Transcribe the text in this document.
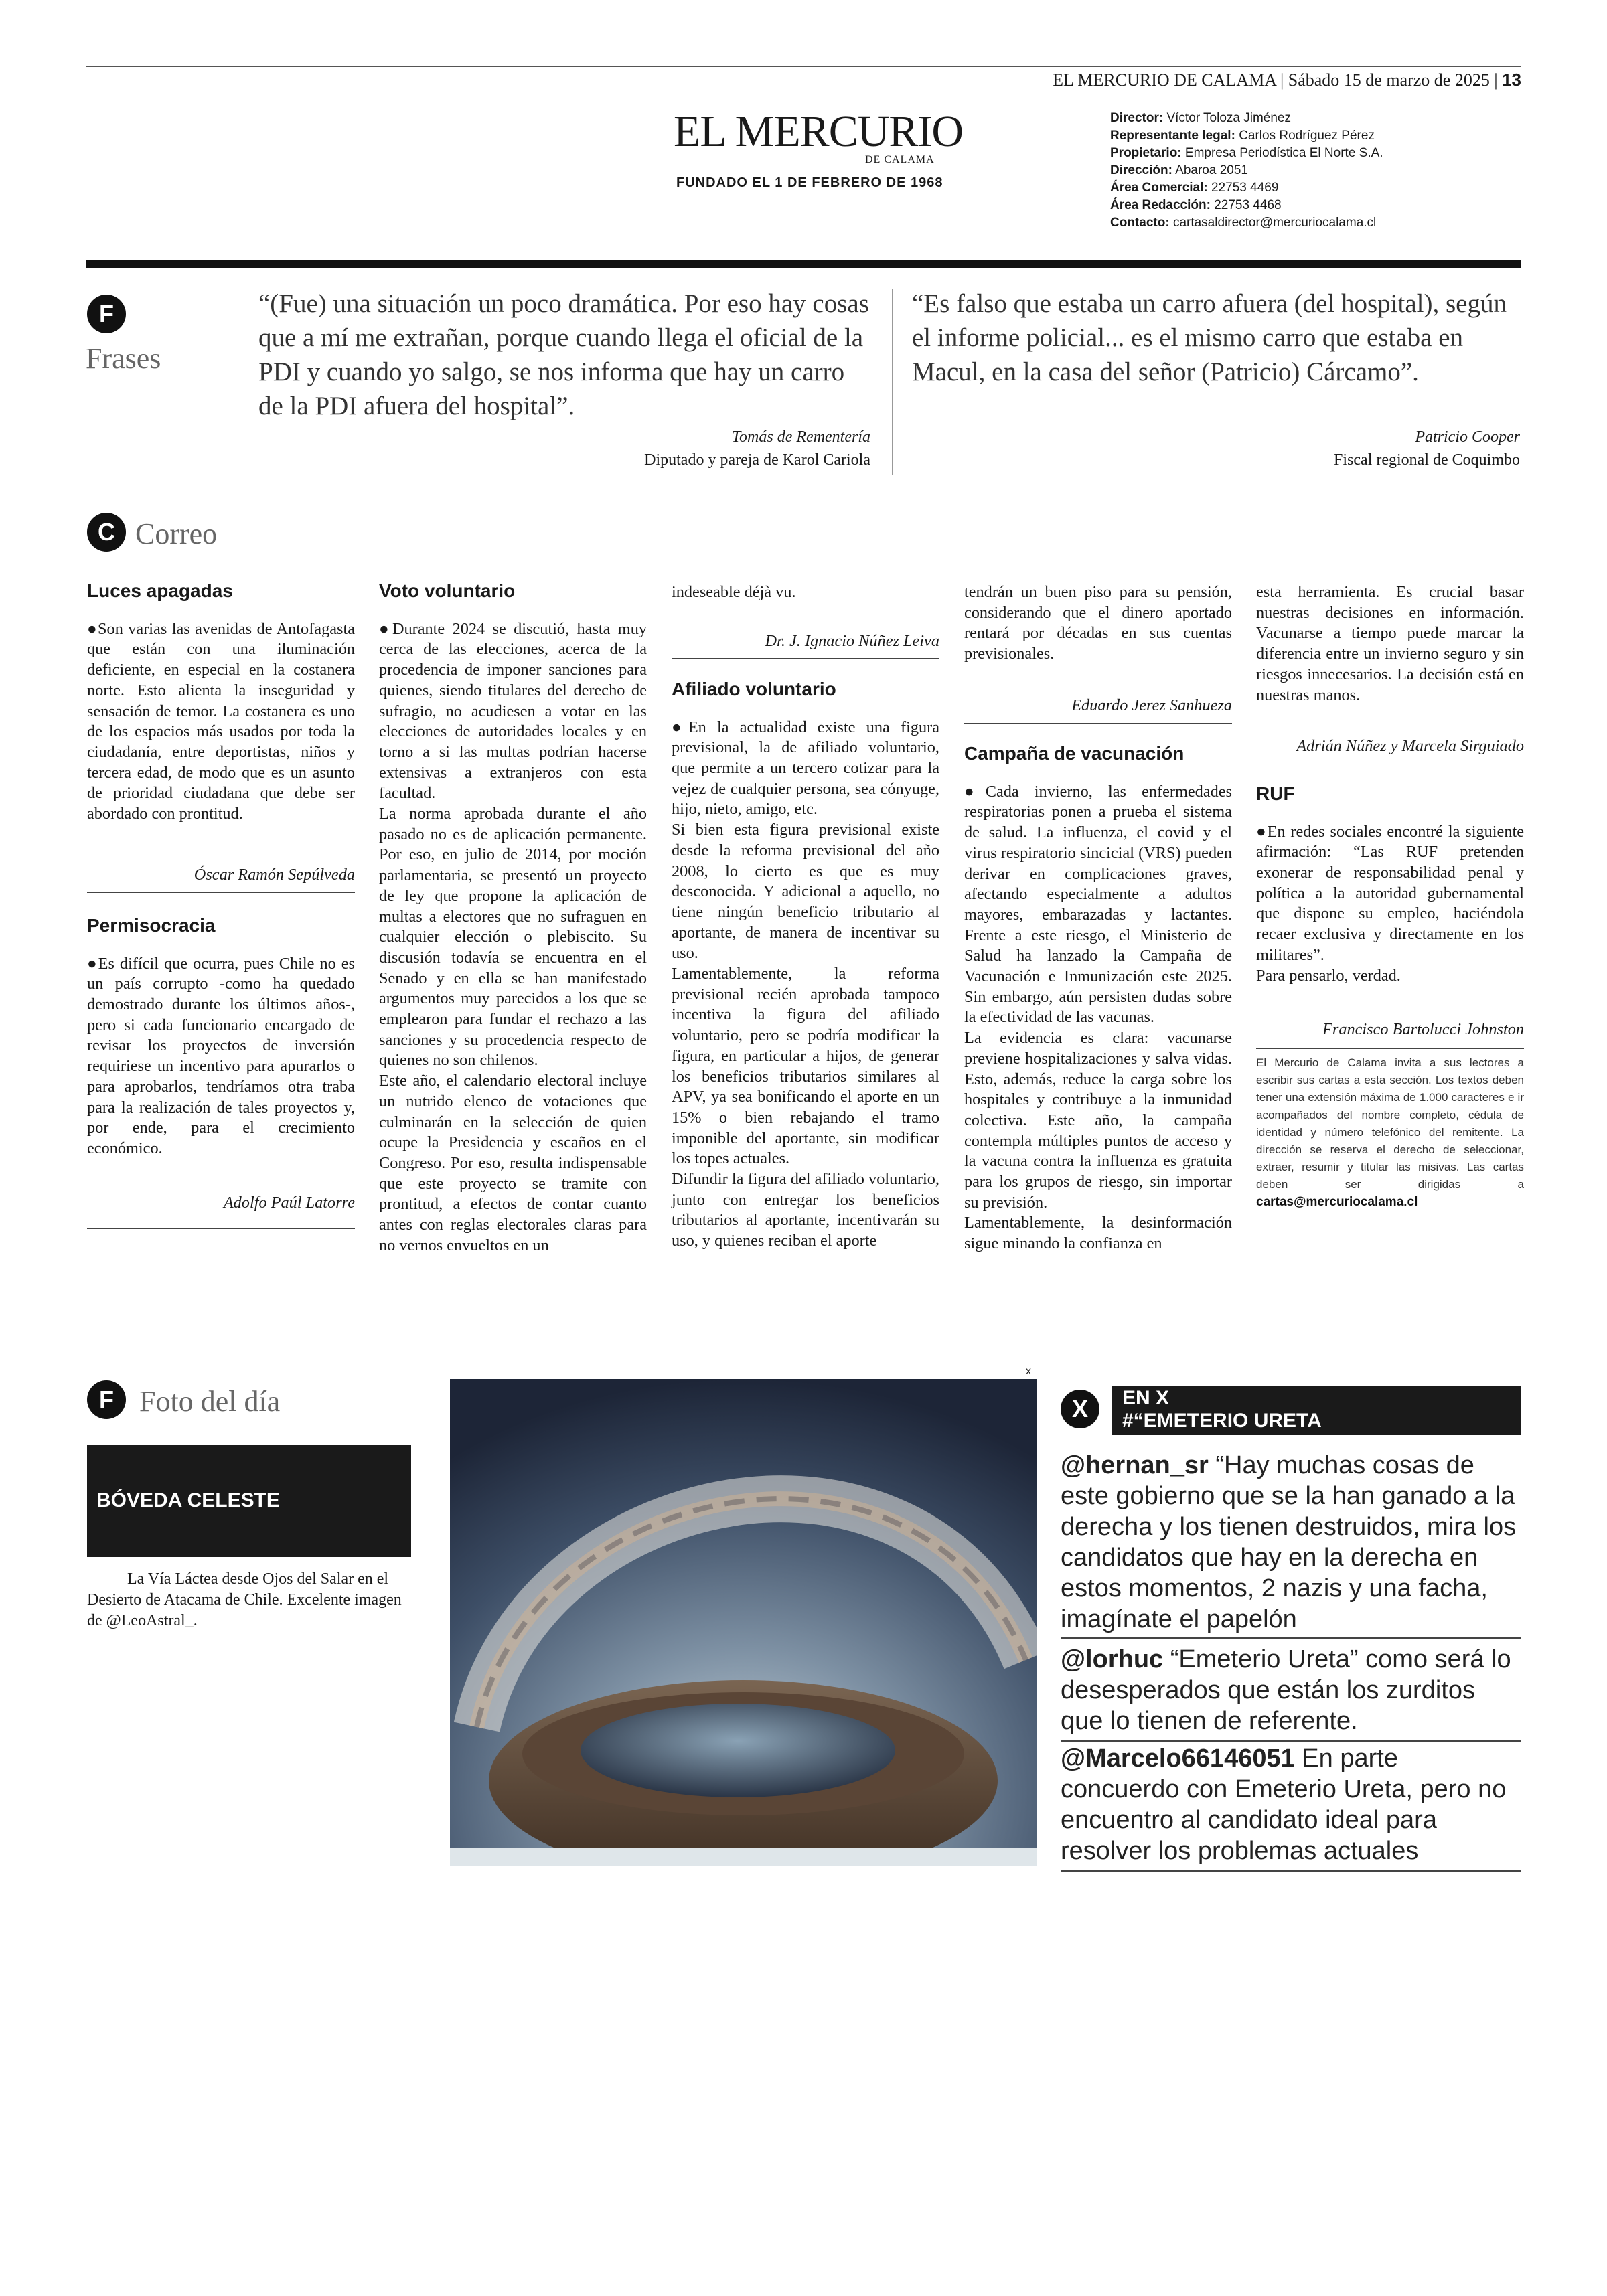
EL MERCURIO DE CALAMA | Sábado 15 de marzo de 2025 | 13
EL MERCURIO
DE CALAMA
FUNDADO EL 1 DE FEBRERO DE 1968
Director: Víctor Toloza Jiménez
Representante legal: Carlos Rodríguez Pérez
Propietario: Empresa Periodística El Norte S.A.
Dirección: Abaroa 2051
Área Comercial: 22753 4469
Área Redacción: 22753 4468
Contacto: cartasaldirector@mercuriocalama.cl
F
Frases
“(Fue) una situación un poco dramática. Por eso hay cosas que a mí me extrañan, porque cuando llega el oficial de la PDI y cuando yo salgo, se nos informa que hay un carro de la PDI afuera del hospital”.
Tomás de Rementería
Diputado y pareja de Karol Cariola
“Es falso que estaba un carro afuera (del hospital), según el informe policial... es el mismo carro que estaba en Macul, en la casa del señor (Patricio) Cárcamo”.
Patricio Cooper
Fiscal regional de Coquimbo
C Correo
Luces apagadas

●Son varias las avenidas de Antofagasta que están con una iluminación deficiente, en especial en la costanera norte. Esto alienta la inseguridad y sensación de temor. La costanera es uno de los espacios más usados por toda la ciudadanía, entre deportistas, niños y tercera edad, de modo que es un asunto de prioridad ciudadana que debe ser abordado con prontitud.

Óscar Ramón Sepúlveda

Permisocracia

●Es difícil que ocurra, pues Chile no es un país corrupto -como ha quedado demostrado durante los últimos años-, pero si cada funcionario encargado de revisar los proyectos de inversión requiriese un incentivo para apurarlos o para aprobarlos, tendríamos otra traba para la realización de tales proyectos y, por ende, para el crecimiento económico.

Adolfo Paúl Latorre

Voto voluntario

●Durante 2024 se discutió, hasta muy cerca de las elecciones, acerca de la procedencia de imponer sanciones para quienes, siendo titulares del derecho de sufragio, no acudiesen a votar en las elecciones de autoridades locales y en torno a si las multas podrían hacerse extensivas a extranjeros con esta facultad.

La norma aprobada durante el año pasado no es de aplicación permanente. Por eso, en julio de 2014, por moción parlamentaria, se presentó un proyecto de ley que propone la aplicación de multas a electores que no sufraguen en cualquier elección o plebiscito. Su discusión todavía se encuentra en el Senado y en ella se han manifestado argumentos muy parecidos a los que se emplearon para fundar el rechazo a las sanciones y su procedencia respecto de quienes no son chilenos.

Este año, el calendario electoral incluye un nutrido elenco de votaciones que culminarán en la selección de quien ocupe la Presidencia y escaños en el Congreso. Por eso, resulta indispensable que este proyecto se tramite con prontitud, a efectos de contar cuanto antes con reglas electorales claras para no vernos envueltos en un

indeseable déjà vu.

Dr. J. Ignacio Núñez Leiva

Afiliado voluntario

●En la actualidad existe una figura previsional, la de afiliado voluntario, que permite a un tercero cotizar para la vejez de cualquier persona, sea cónyuge, hijo, nieto, amigo, etc.

Si bien esta figura previsional existe desde la reforma previsional del año 2008, lo cierto es que es muy desconocida. Y adicional a aquello, no tiene ningún beneficio tributario al aportante, de manera de incentivar su uso.

Lamentablemente, la reforma previsional recién aprobada tampoco incentiva la figura del afiliado voluntario, pero se podría modificar la figura, en particular a hijos, de generar los beneficios tributarios similares al APV, ya sea bonificando el aporte en un 15% o bien rebajando el tramo imponible del aportante, sin modificar los topes actuales.

Difundir la figura del afiliado voluntario, junto con entregar los beneficios tributarios al aportante, incentivarán su uso, y quienes reciban el aporte

tendrán un buen piso para su pensión, considerando que el dinero aportado rentará por décadas en sus cuentas previsionales.

Eduardo Jerez Sanhueza

Campaña de vacunación

●Cada invierno, las enfermedades respiratorias ponen a prueba el sistema de salud. La influenza, el covid y el virus respiratorio sincicial (VRS) pueden derivar en complicaciones graves, afectando especialmente a adultos mayores, embarazadas y lactantes. Frente a este riesgo, el Ministerio de Salud ha lanzado la Campaña de Vacunación e Inmunización este 2025. Sin embargo, aún persisten dudas sobre la efectividad de las vacunas.

La evidencia es clara: vacunarse previene hospitalizaciones y salva vidas. Esto, además, reduce la carga sobre los hospitales y contribuye a la inmunidad colectiva. Este año, la campaña contempla múltiples puntos de acceso y la vacuna contra la influenza es gratuita para los grupos de riesgo, sin importar su previsión.

Lamentablemente, la desinformación sigue minando la confianza en

esta herramienta. Es crucial basar nuestras decisiones en información. Vacunarse a tiempo puede marcar la diferencia entre un invierno seguro y sin riesgos innecesarios. La decisión está en nuestras manos.

Adrián Núñez y Marcela Sirguiado

RUF

●En redes sociales encontré la siguiente afirmación: “Las RUF pretenden exonerar de responsabilidad penal y política a la autoridad gubernamental que dispone su empleo, haciéndola recaer exclusiva y directamente en los militares”.

Para pensarlo, verdad.

Francisco Bartolucci Johnston

El Mercurio de Calama invita a sus lectores a escribir sus cartas a esta sección. Los textos deben tener una extensión máxima de 1.000 caracteres e ir acompañados del nombre completo, cédula de identidad y número telefónico del remitente. La dirección se reserva el derecho de seleccionar, extraer, resumir y titular las misivas. Las cartas deben ser dirigidas a cartas@mercuriocalama.cl
F Foto del día
BÓVEDA CELESTE
La Vía Láctea desde Ojos del Salar en el Desierto de Atacama de Chile. Excelente imagen de @LeoAstral_.
x
X	EN X
#“EMETERIO URETA
@hernan_sr “Hay muchas cosas de este gobierno que se la han ganado a la derecha y los tienen destruidos, mira los candidatos que hay en la derecha en estos momentos, 2 nazis y una facha, imagínate el papelón
@lorhuc “Emeterio Ureta” como será lo desesperados que están los zurditos que lo tienen de referente.
@Marcelo66146051 En parte concuerdo con Emeterio Ureta, pero no encuentro al candidato ideal para resolver los problemas actuales
